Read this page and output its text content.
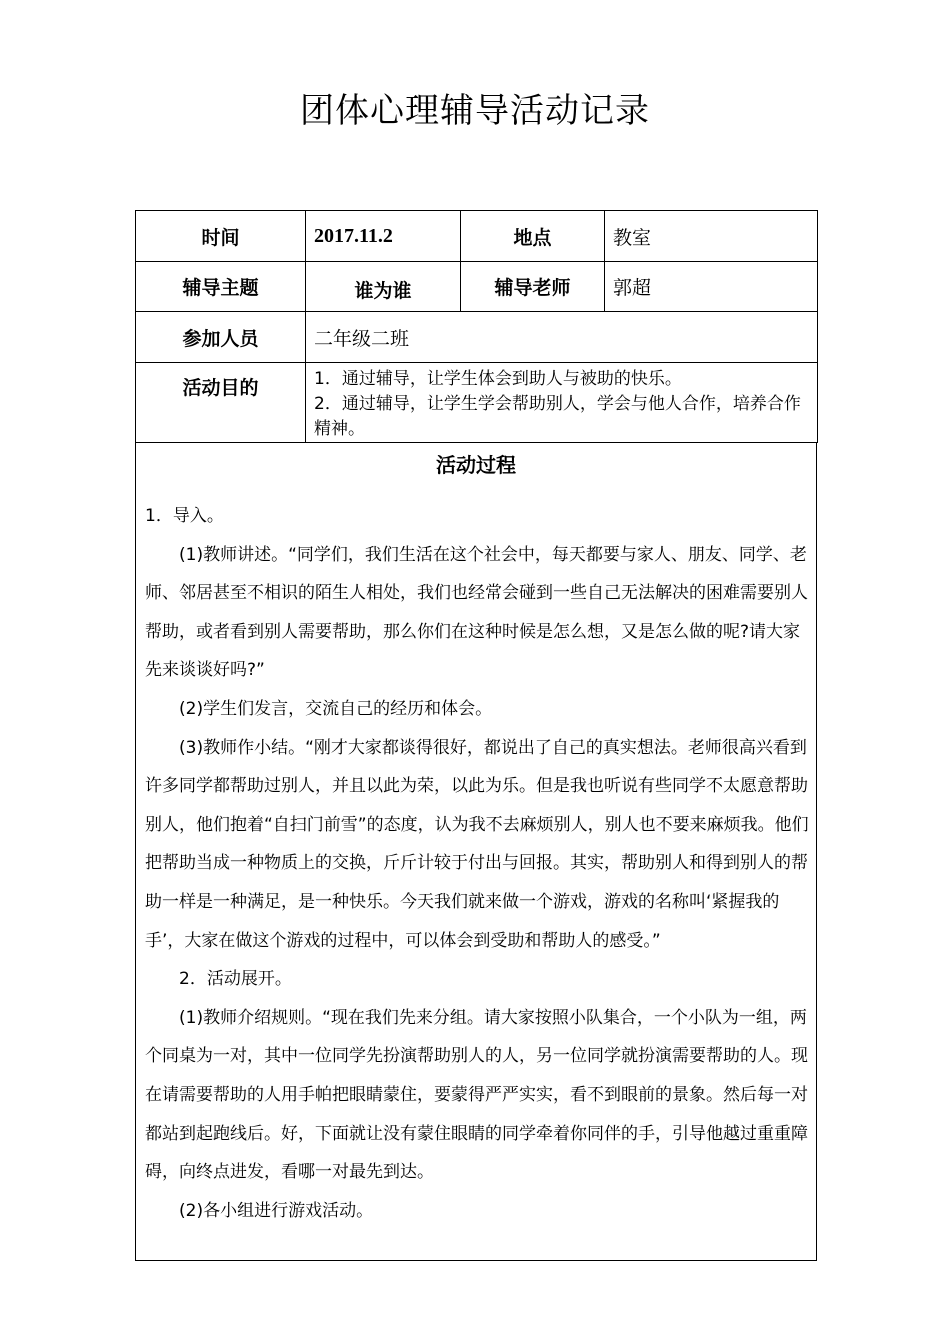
团体心理辅导活动记录
时间	2017.11.2	地点	教室
辅导主题	谁为谁	辅导老师	郭超
参加人员	二年级二班		
活动目的	1．通过辅导，让学生体会到助人与被助的快乐。
2．通过辅导，让学生学会帮助别人，学会与他人合作，培养合作精神。		
活动过程

1．导入。

(1)教师讲述。“同学们，我们生活在这个社会中，每天都要与家人、朋友、同学、老师、邻居甚至不相识的陌生人相处，我们也经常会碰到一些自己无法解决的困难需要别人帮助，或者看到别人需要帮助，那么你们在这种时候是怎么想，又是怎么做的呢?请大家先来谈谈好吗?”

(2)学生们发言，交流自己的经历和体会。

(3)教师作小结。“刚才大家都谈得很好，都说出了自己的真实想法。老师很高兴看到许多同学都帮助过别人，并且以此为荣，以此为乐。但是我也听说有些同学不太愿意帮助别人，他们抱着“自扫门前雪”的态度，认为我不去麻烦别人，别人也不要来麻烦我。他们把帮助当成一种物质上的交换，斤斤计较于付出与回报。其实，帮助别人和得到别人的帮助一样是一种满足，是一种快乐。今天我们就来做一个游戏，游戏的名称叫‘紧握我的手’，大家在做这个游戏的过程中，可以体会到受助和帮助人的感受。”

2．活动展开。

(1)教师介绍规则。“现在我们先来分组。请大家按照小队集合，一个小队为一组，两个同桌为一对，其中一位同学先扮演帮助别人的人，另一位同学就扮演需要帮助的人。现在请需要帮助的人用手帕把眼睛蒙住，要蒙得严严实实，看不到眼前的景象。然后每一对都站到起跑线后。好，下面就让没有蒙住眼睛的同学牵着你同伴的手，引导他越过重重障碍，向终点进发，看哪一对最先到达。

(2)各小组进行游戏活动。
